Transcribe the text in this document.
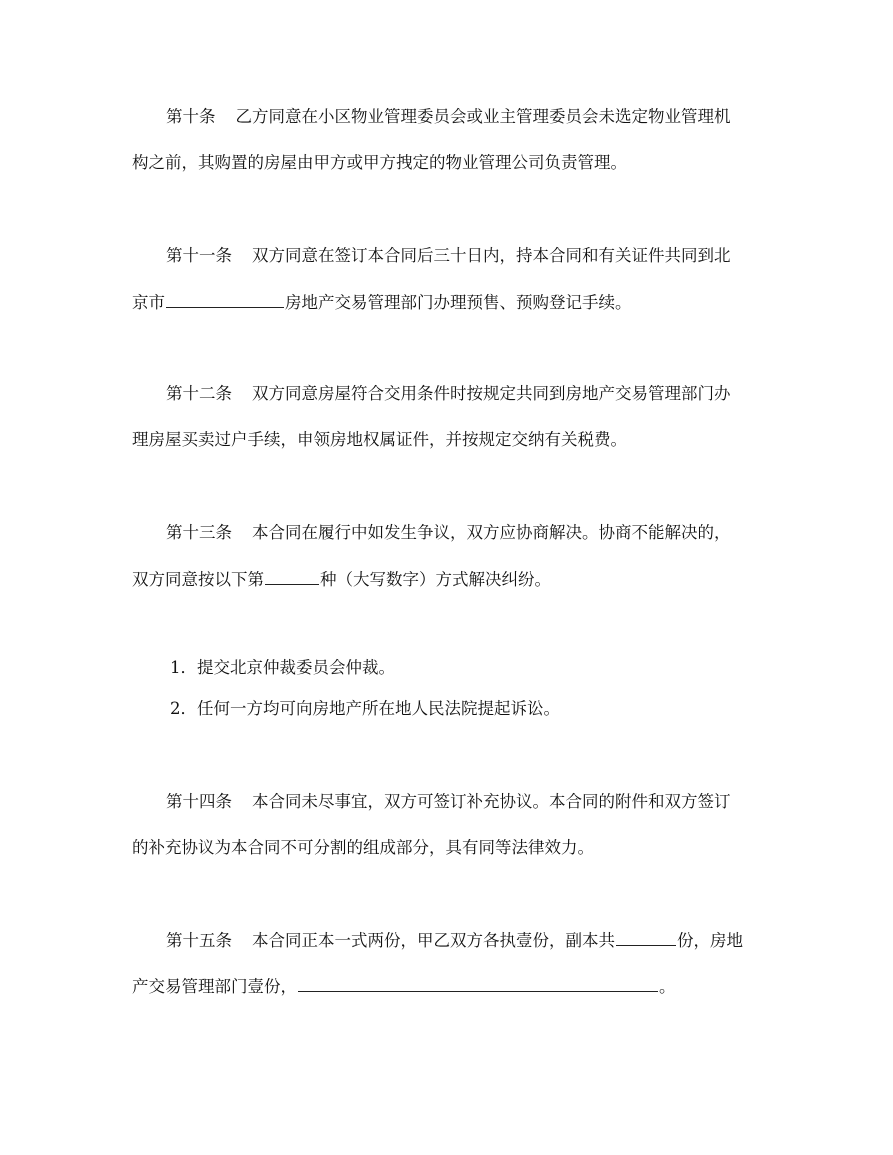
第十条 乙方同意在小区物业管理委员会或业主管理委员会未选定物业管理机
构之前，其购置的房屋由甲方或甲方拽定的物业管理公司负责管理。
第十一条 双方同意在签订本合同后三十日内，持本合同和有关证件共同到北
京市	房地产交易管理部门办理预售、预购登记手续。
第十二条 双方同意房屋符合交用条件时按规定共同到房地产交易管理部门办
理房屋买卖过户手续，申领房地权属证件，并按规定交纳有关税费。
第十三条 本合同在履行中如发生争议，双方应协商解决。协商不能解决的，
双方同意按以下第	种（大写数字）方式解决纠纷。
1．提交北京仲裁委员会仲裁。
2．任何一方均可向房地产所在地人民法院提起诉讼。
第十四条 本合同未尽事宜，双方可签订补充协议。本合同的附件和双方签订
的补充协议为本合同不可分割的组成部分，具有同等法律效力。
第十五条 本合同正本一式两份，甲乙双方各执壹份，副本共	份，房地
产交易管理部门壹份，	。
